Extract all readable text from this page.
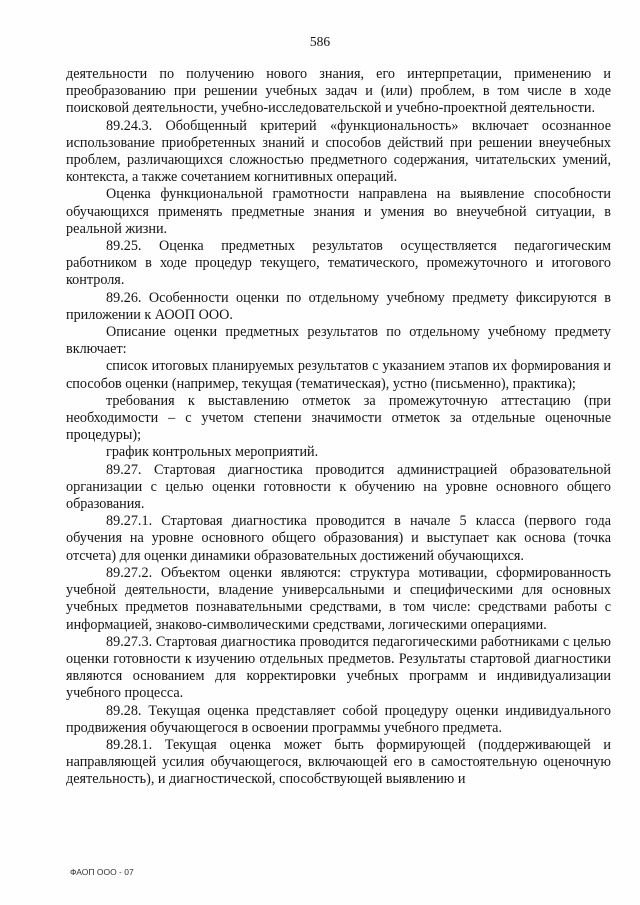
586

деятельности по получению нового знания, его интерпретации, применению и преобразованию при решении учебных задач и (или) проблем, в том числе в ходе поисковой деятельности, учебно-исследовательской и учебно-проектной деятельности.

89.24.3. Обобщенный критерий «функциональность» включает осознанное использование приобретенных знаний и способов действий при решении внеучебных проблем, различающихся сложностью предметного содержания, читательских умений, контекста, а также сочетанием когнитивных операций.

Оценка функциональной грамотности направлена на выявление способности обучающихся применять предметные знания и умения во внеучебной ситуации, в реальной жизни.

89.25. Оценка предметных результатов осуществляется педагогическим работником в ходе процедур текущего, тематического, промежуточного и итогового контроля.

89.26. Особенности оценки по отдельному учебному предмету фиксируются в приложении к АООП ООО.

Описание оценки предметных результатов по отдельному учебному предмету включает:

список итоговых планируемых результатов с указанием этапов их формирования и способов оценки (например, текущая (тематическая), устно (письменно), практика);

требования к выставлению отметок за промежуточную аттестацию (при необходимости – с учетом степени значимости отметок за отдельные оценочные процедуры);

график контрольных мероприятий.

89.27. Стартовая диагностика проводится администрацией образовательной организации с целью оценки готовности к обучению на уровне основного общего образования.

89.27.1. Стартовая диагностика проводится в начале 5 класса (первого года обучения на уровне основного общего образования) и выступает как основа (точка отсчета) для оценки динамики образовательных достижений обучающихся.

89.27.2. Объектом оценки являются: структура мотивации, сформированность учебной деятельности, владение универсальными и специфическими для основных учебных предметов познавательными средствами, в том числе: средствами работы с информацией, знаково-символическими средствами, логическими операциями.

89.27.3. Стартовая диагностика проводится педагогическими работниками с целью оценки готовности к изучению отдельных предметов. Результаты стартовой диагностики являются основанием для корректировки учебных программ и индивидуализации учебного процесса.

89.28. Текущая оценка представляет собой процедуру оценки индивидуального продвижения обучающегося в освоении программы учебного предмета.

89.28.1. Текущая оценка может быть формирующей (поддерживающей и направляющей усилия обучающегося, включающей его в самостоятельную оценочную деятельность), и диагностической, способствующей выявлению и

ФАОП ООО - 07
